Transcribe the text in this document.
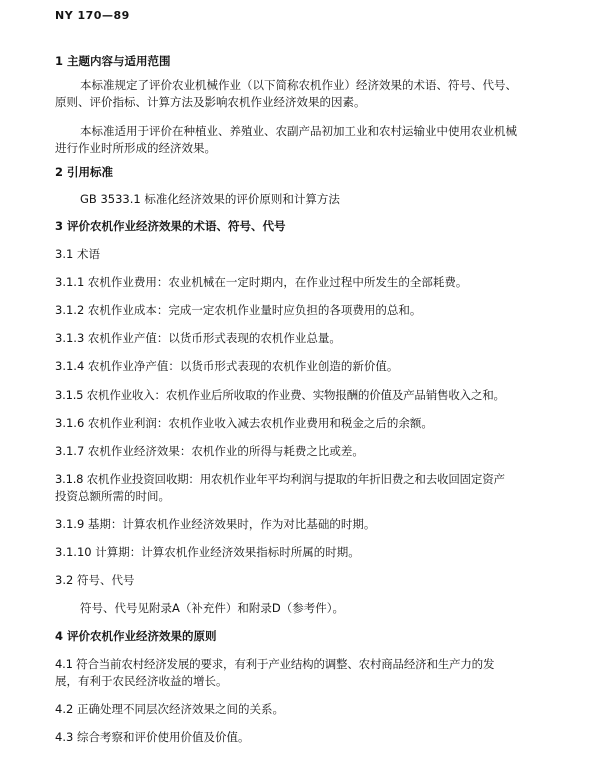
NY 170—89
1 主题内容与适用范围
本标准规定了评价农业机械作业（以下简称农机作业）经济效果的术语、符号、代号、
原则、评价指标、计算方法及影响农机作业经济效果的因素。
本标准适用于评价在种植业、养殖业、农副产品初加工业和农村运输业中使用农业机械
进行作业时所形成的经济效果。
2 引用标准
GB 3533.1 标准化经济效果的评价原则和计算方法
3 评价农机作业经济效果的术语、符号、代号
3.1 术语
3.1.1 农机作业费用：农业机械在一定时期内，在作业过程中所发生的全部耗费。
3.1.2 农机作业成本：完成一定农机作业量时应负担的各项费用的总和。
3.1.3 农机作业产值：以货币形式表现的农机作业总量。
3.1.4 农机作业净产值：以货币形式表现的农机作业创造的新价值。
3.1.5 农机作业收入：农机作业后所收取的作业费、实物报酬的价值及产品销售收入之和。
3.1.6 农机作业利润：农机作业收入减去农机作业费用和税金之后的余额。
3.1.7 农机作业经济效果：农机作业的所得与耗费之比或差。
3.1.8 农机作业投资回收期：用农机作业年平均利润与提取的年折旧费之和去收回固定资产
投资总额所需的时间。
3.1.9 基期：计算农机作业经济效果时，作为对比基础的时期。
3.1.10 计算期：计算农机作业经济效果指标时所属的时期。
3.2 符号、代号
符号、代号见附录A（补充件）和附录D（参考件）。
4 评价农机作业经济效果的原则
4.1 符合当前农村经济发展的要求，有利于产业结构的调整、农村商品经济和生产力的发
展，有利于农民经济收益的增长。
4.2 正确处理不同层次经济效果之间的关系。
4.3 综合考察和评价使用价值及价值。
